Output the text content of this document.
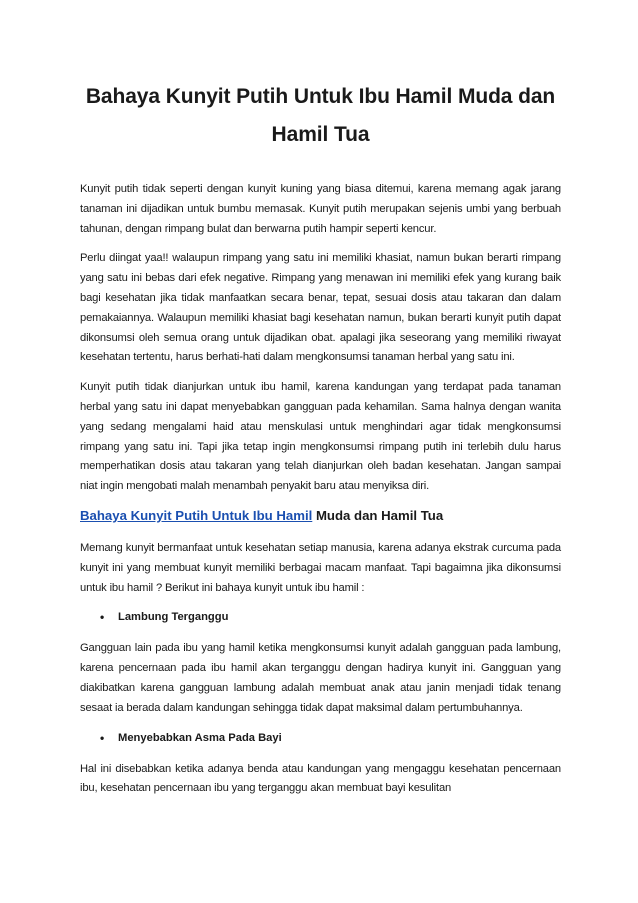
Bahaya Kunyit Putih Untuk Ibu Hamil Muda dan Hamil Tua

Kunyit putih tidak seperti dengan kunyit kuning yang biasa ditemui, karena memang agak jarang tanaman ini dijadikan untuk bumbu memasak. Kunyit putih merupakan sejenis umbi yang berbuah tahunan, dengan rimpang bulat dan berwarna putih hampir seperti kencur.

Perlu diingat yaa!! walaupun rimpang yang satu ini memiliki khasiat, namun bukan berarti rimpang yang satu ini bebas dari efek negative. Rimpang yang menawan ini memiliki efek yang kurang baik bagi kesehatan jika tidak manfaatkan secara benar, tepat, sesuai dosis atau takaran dan dalam pemakaiannya. Walaupun memiliki khasiat bagi kesehatan namun, bukan berarti kunyit putih dapat dikonsumsi oleh semua orang untuk dijadikan obat. apalagi jika seseorang yang memiliki riwayat kesehatan tertentu, harus berhati-hati dalam mengkonsumsi tanaman herbal yang satu ini.

Kunyit putih tidak dianjurkan untuk ibu hamil, karena kandungan yang terdapat pada tanaman herbal yang satu ini dapat menyebabkan gangguan pada kehamilan. Sama halnya dengan wanita yang sedang mengalami haid atau menskulasi untuk menghindari agar tidak mengkonsumsi rimpang yang satu ini. Tapi jika tetap ingin mengkonsumsi rimpang putih ini terlebih dulu harus memperhatikan dosis atau takaran yang telah dianjurkan oleh badan kesehatan. Jangan sampai niat ingin mengobati malah menambah penyakit baru atau menyiksa diri.

Bahaya Kunyit Putih Untuk Ibu Hamil Muda dan Hamil Tua

Memang kunyit bermanfaat untuk kesehatan setiap manusia, karena adanya ekstrak curcuma pada kunyit ini yang membuat kunyit memiliki berbagai macam manfaat. Tapi bagaimna jika dikonsumsi untuk ibu hamil ? Berikut ini bahaya kunyit untuk ibu hamil :

•	Lambung Terganggu

Gangguan lain pada ibu yang hamil ketika mengkonsumsi kunyit adalah gangguan pada lambung, karena pencernaan pada ibu hamil akan terganggu dengan hadirya kunyit ini. Gangguan yang diakibatkan karena gangguan lambung adalah membuat anak atau janin menjadi tidak tenang sesaat ia berada dalam kandungan sehingga tidak dapat maksimal dalam pertumbuhannya.

•	Menyebabkan Asma Pada Bayi

Hal ini disebabkan ketika adanya benda atau kandungan yang mengaggu kesehatan pencernaan ibu, kesehatan pencernaan ibu yang terganggu akan membuat bayi kesulitan
